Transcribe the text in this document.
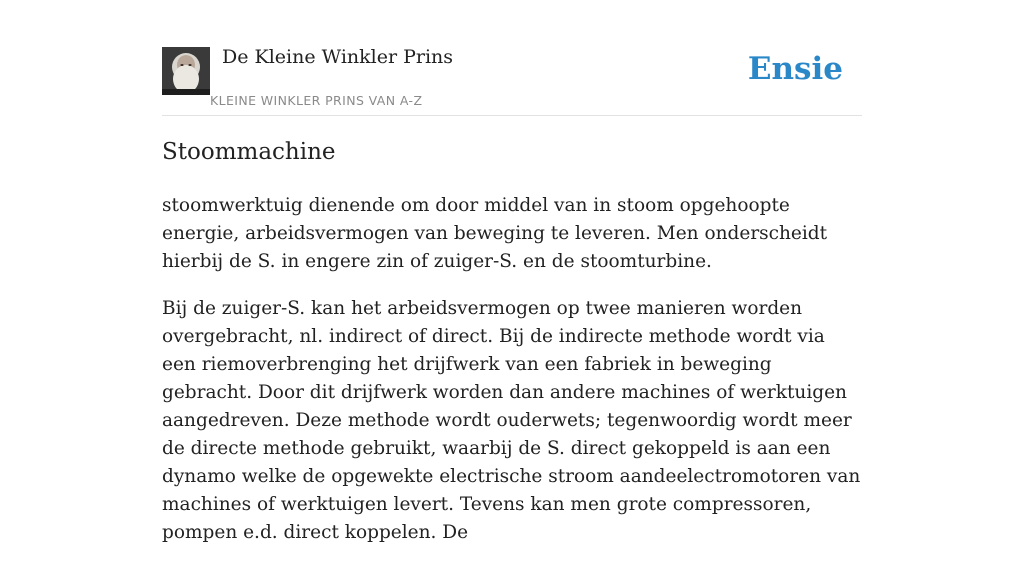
De Kleine Winkler Prins
KLEINE WINKLER PRINS VAN A-Z
Ensie
Stoommachine

stoomwerktuig dienende om door middel van in stoom opgehoopte energie, arbeidsvermogen van beweging te leveren. Men onderscheidt hierbij de S. in engere zin of zuiger-S. en de stoomturbine.

Bij de zuiger-S. kan het arbeidsvermogen op twee manieren worden overgebracht, nl. indirect of direct. Bij de indirecte methode wordt via een riemoverbrenging het drijfwerk van een fabriek in beweging gebracht. Door dit drijfwerk worden dan andere machines of werktuigen aangedreven. Deze methode wordt ouderwets; tegenwoordig wordt meer de directe methode gebruikt, waarbij de S. direct gekoppeld is aan een dynamo welke de opgewekte electrische stroom aandeelectromotoren van machines of werktuigen levert. Tevens kan men grote compressoren, pompen e.d. direct koppelen. De
